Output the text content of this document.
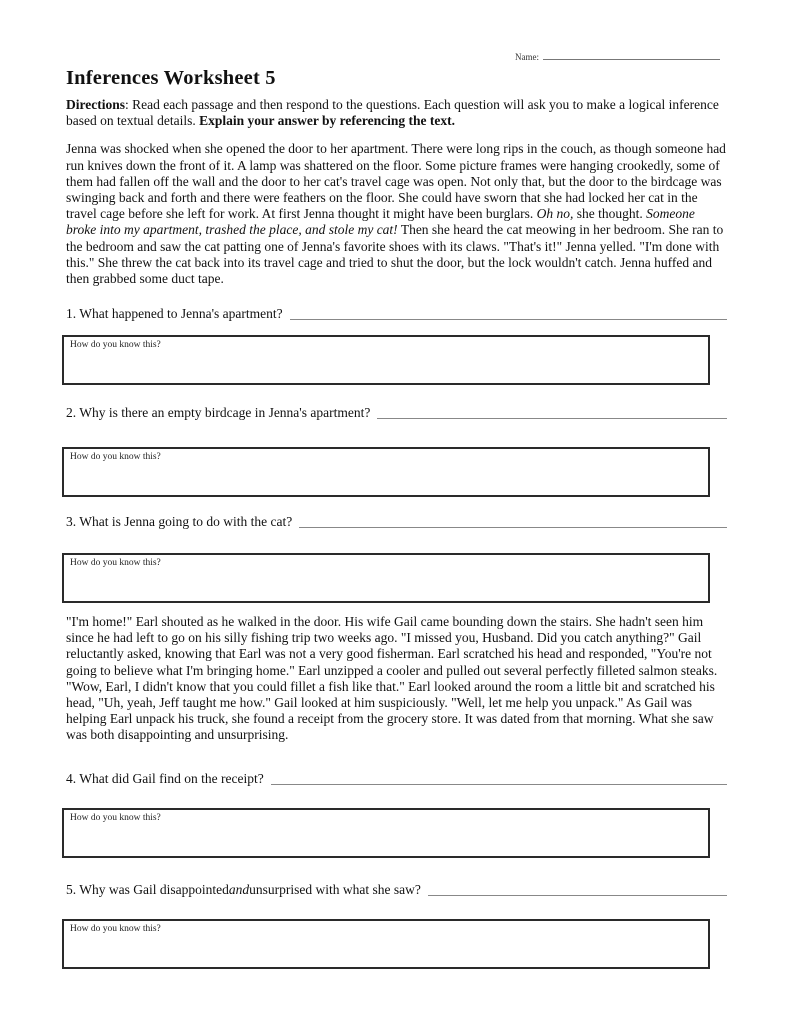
Name:
Inferences Worksheet 5
Directions: Read each passage and then respond to the questions. Each question will ask you to make a logical inference based on textual details. Explain your answer by referencing the text.
Jenna was shocked when she opened the door to her apartment. There were long rips in the couch, as though someone had run knives down the front of it. A lamp was shattered on the floor. Some picture frames were hanging crookedly, some of them had fallen off the wall and the door to her cat's travel cage was open. Not only that, but the door to the birdcage was swinging back and forth and there were feathers on the floor. She could have sworn that she had locked her cat in the travel cage before she left for work. At first Jenna thought it might have been burglars. Oh no, she thought. Someone broke into my apartment, trashed the place, and stole my cat! Then she heard the cat meowing in her bedroom. She ran to the bedroom and saw the cat patting one of Jenna's favorite shoes with its claws. "That's it!" Jenna yelled. "I'm done with this." She threw the cat back into its travel cage and tried to shut the door, but the lock wouldn't catch. Jenna huffed and then grabbed some duct tape.
1. What happened to Jenna's apartment?
How do you know this?
2. Why is there an empty birdcage in Jenna's apartment?
How do you know this?
3. What is Jenna going to do with the cat?
How do you know this?
"I'm home!" Earl shouted as he walked in the door. His wife Gail came bounding down the stairs. She hadn't seen him since he had left to go on his silly fishing trip two weeks ago. "I missed you, Husband. Did you catch anything?" Gail reluctantly asked, knowing that Earl was not a very good fisherman. Earl scratched his head and responded, "You're not going to believe what I'm bringing home." Earl unzipped a cooler and pulled out several perfectly filleted salmon steaks. "Wow, Earl, I didn't know that you could fillet a fish like that." Earl looked around the room a little bit and scratched his head, "Uh, yeah, Jeff taught me how." Gail looked at him suspiciously. "Well, let me help you unpack." As Gail was helping Earl unpack his truck, she found a receipt from the grocery store. It was dated from that morning. What she saw was both disappointing and unsurprising.
4. What did Gail find on the receipt?
How do you know this?
5. Why was Gail disappointed and unsurprised with what she saw?
How do you know this?
